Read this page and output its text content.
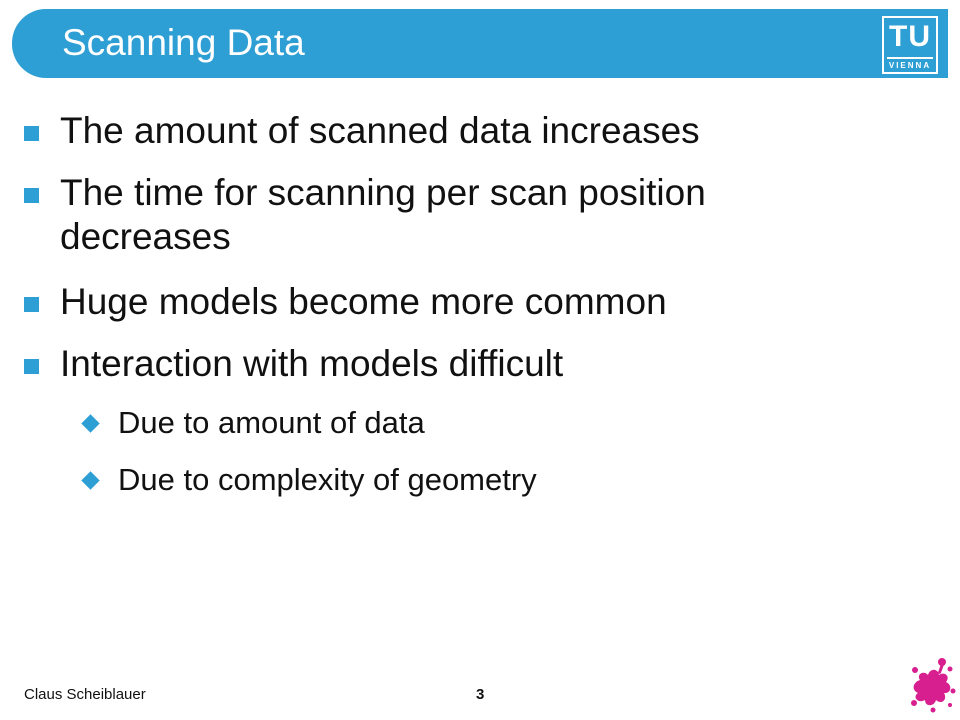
Scanning Data	TU
VIENNA
The amount of scanned data increases
The time for scanning per scan position decreases
Huge models become more common
Interaction with models difficult
Due to amount of data
Due to complexity of geometry
Claus Scheiblauer	3
